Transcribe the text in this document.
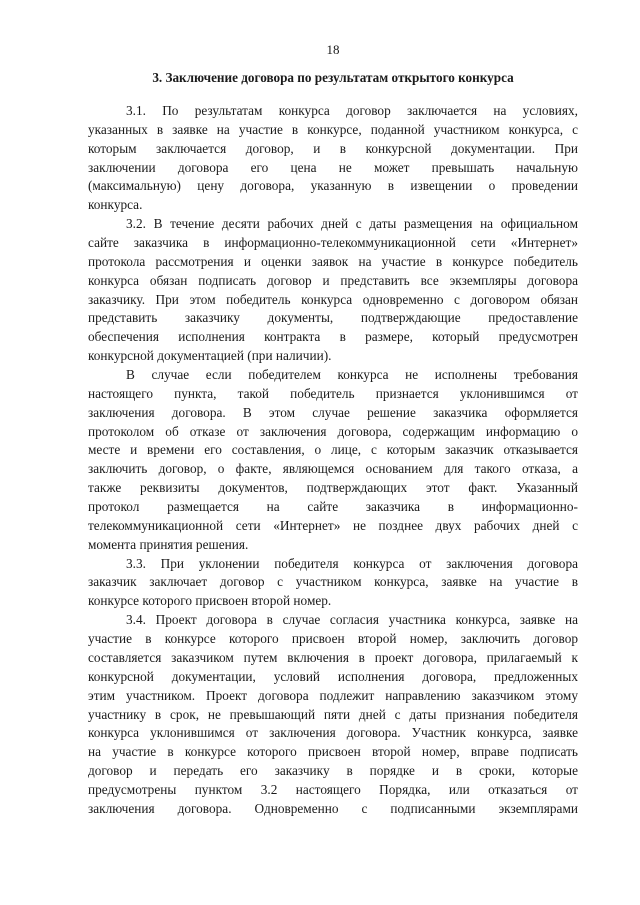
18
3. Заключение договора по результатам открытого конкурса

3.1. По результатам конкурса договор заключается на условиях,

указанных в заявке на участие в конкурсе, поданной участником конкурса, с

которым заключается договор, и в конкурсной документации. При

заключении договора его цена не может превышать начальную

(максимальную) цену договора, указанную в извещении о проведении

конкурса.

3.2. В течение десяти рабочих дней с даты размещения на официальном

сайте заказчика в информационно-телекоммуникационной сети «Интернет»

протокола рассмотрения и оценки заявок на участие в конкурсе победитель

конкурса обязан подписать договор и представить все экземпляры договора

заказчику. При этом победитель конкурса одновременно с договором обязан

представить заказчику документы, подтверждающие предоставление

обеспечения исполнения контракта в размере, который предусмотрен

конкурсной документацией (при наличии).

В случае если победителем конкурса не исполнены требования

настоящего пункта, такой победитель признается уклонившимся от

заключения договора. В этом случае решение заказчика оформляется

протоколом об отказе от заключения договора, содержащим информацию о

месте и времени его составления, о лице, с которым заказчик отказывается

заключить договор, о факте, являющемся основанием для такого отказа, а

также реквизиты документов, подтверждающих этот факт. Указанный

протокол размещается на сайте заказчика в информационно-

телекоммуникационной сети «Интернет» не позднее двух рабочих дней с

момента принятия решения.

3.3. При уклонении победителя конкурса от заключения договора

заказчик заключает договор с участником конкурса, заявке на участие в

конкурсе которого присвоен второй номер.

3.4. Проект договора в случае согласия участника конкурса, заявке на

участие в конкурсе которого присвоен второй номер, заключить договор

составляется заказчиком путем включения в проект договора, прилагаемый к

конкурсной документации, условий исполнения договора, предложенных

этим участником. Проект договора подлежит направлению заказчиком этому

участнику в срок, не превышающий пяти дней с даты признания победителя

конкурса уклонившимся от заключения договора. Участник конкурса, заявке

на участие в конкурсе которого присвоен второй номер, вправе подписать

договор и передать его заказчику в порядке и в сроки, которые

предусмотрены пунктом 3.2 настоящего Порядка, или отказаться от

заключения договора. Одновременно с подписанными экземплярами
